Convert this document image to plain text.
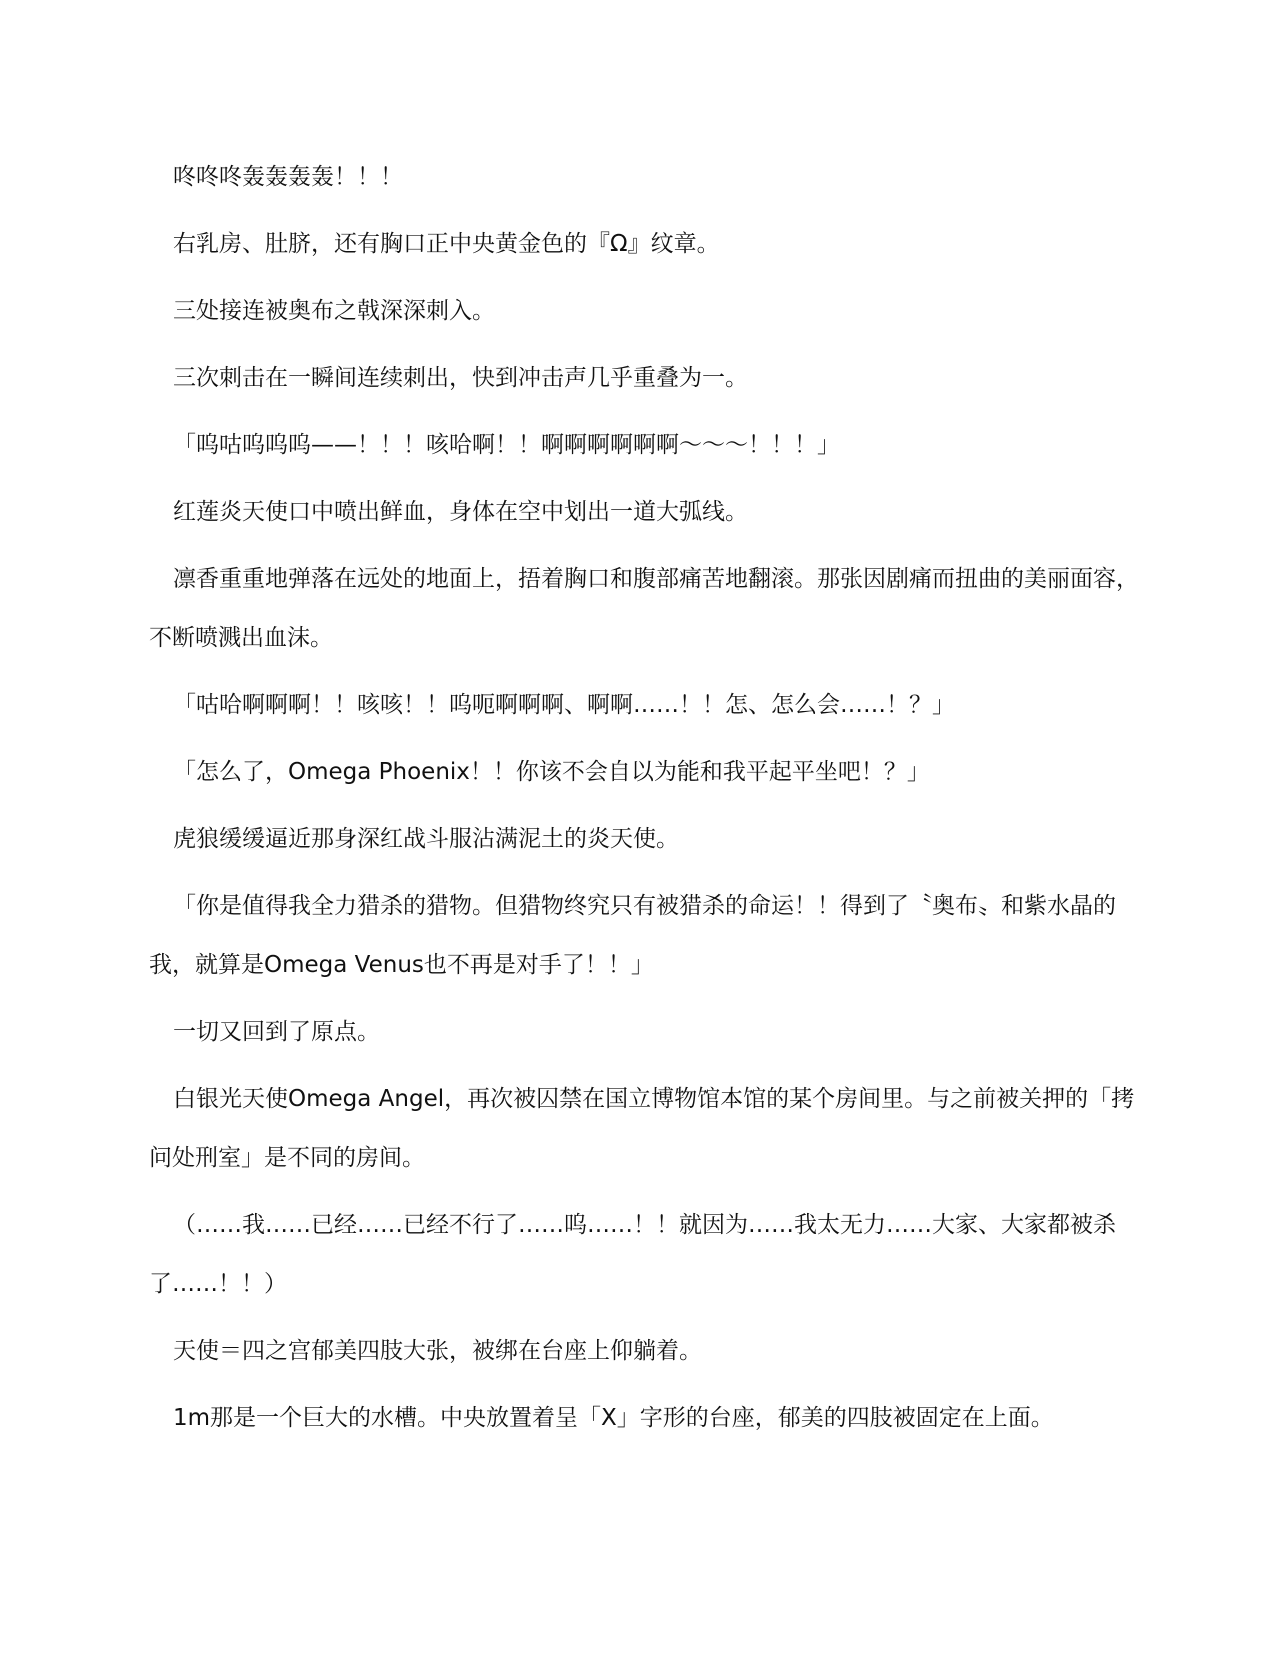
咚咚咚轰轰轰轰！！！

右乳房、肚脐，还有胸口正中央黄金色的『Ω』纹章。

三处接连被奥布之戟深深刺入。

三次刺击在一瞬间连续刺出，快到冲击声几乎重叠为一。

「呜咕呜呜呜——！！！咳哈啊！！啊啊啊啊啊啊～～～！！！」

红莲炎天使口中喷出鲜血，身体在空中划出一道大弧线。

凛香重重地弹落在远处的地面上，捂着胸口和腹部痛苦地翻滚。那张因剧痛而扭曲的美丽面容，不断喷溅出血沫。

「咕哈啊啊啊！！咳咳！！呜呃啊啊啊、啊啊……！！怎、怎么会……！？」

「怎么了，Omega Phoenix！！你该不会自以为能和我平起平坐吧！？」

虎狼缓缓逼近那身深红战斗服沾满泥土的炎天使。

「你是值得我全力猎杀的猎物。但猎物终究只有被猎杀的命运！！得到了〝奥布〟和紫水晶的我，就算是Omega Venus也不再是对手了！！」

一切又回到了原点。

白银光天使Omega Angel，再次被囚禁在国立博物馆本馆的某个房间里。与之前被关押的「拷问处刑室」是不同的房间。

（……我……已经……已经不行了……呜……！！就因为……我太无力……大家、大家都被杀了……！！）

天使＝四之宫郁美四肢大张，被绑在台座上仰躺着。

1m那是一个巨大的水槽。中央放置着呈「X」字形的台座，郁美的四肢被固定在上面。
